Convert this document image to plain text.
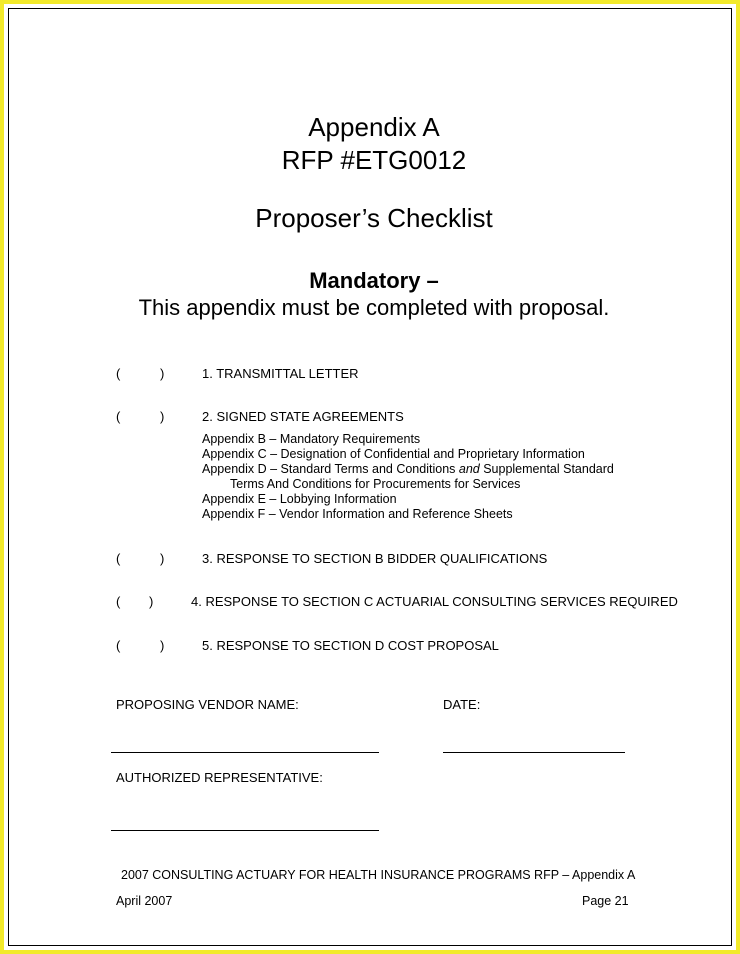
Appendix A
RFP #ETG0012
Proposer’s Checklist
Mandatory –
This appendix must be completed with proposal.
(	)	1. TRANSMITTAL LETTER
(	)	2. SIGNED STATE AGREEMENTS
Appendix B – Mandatory Requirements
Appendix C – Designation of Confidential and Proprietary Information
Appendix D – Standard Terms and Conditions and Supplemental Standard
Terms And Conditions for Procurements for Services
Appendix E – Lobbying Information
Appendix F – Vendor Information and Reference Sheets
(	)	3. RESPONSE TO SECTION B BIDDER QUALIFICATIONS
( )	4. RESPONSE TO SECTION C ACTUARIAL CONSULTING SERVICES REQUIRED
(	)	5. RESPONSE TO SECTION D COST PROPOSAL
PROPOSING VENDOR NAME:	DATE:
AUTHORIZED REPRESENTATIVE:
2007 CONSULTING ACTUARY FOR HEALTH INSURANCE PROGRAMS RFP – Appendix A
April 2007	Page 21
